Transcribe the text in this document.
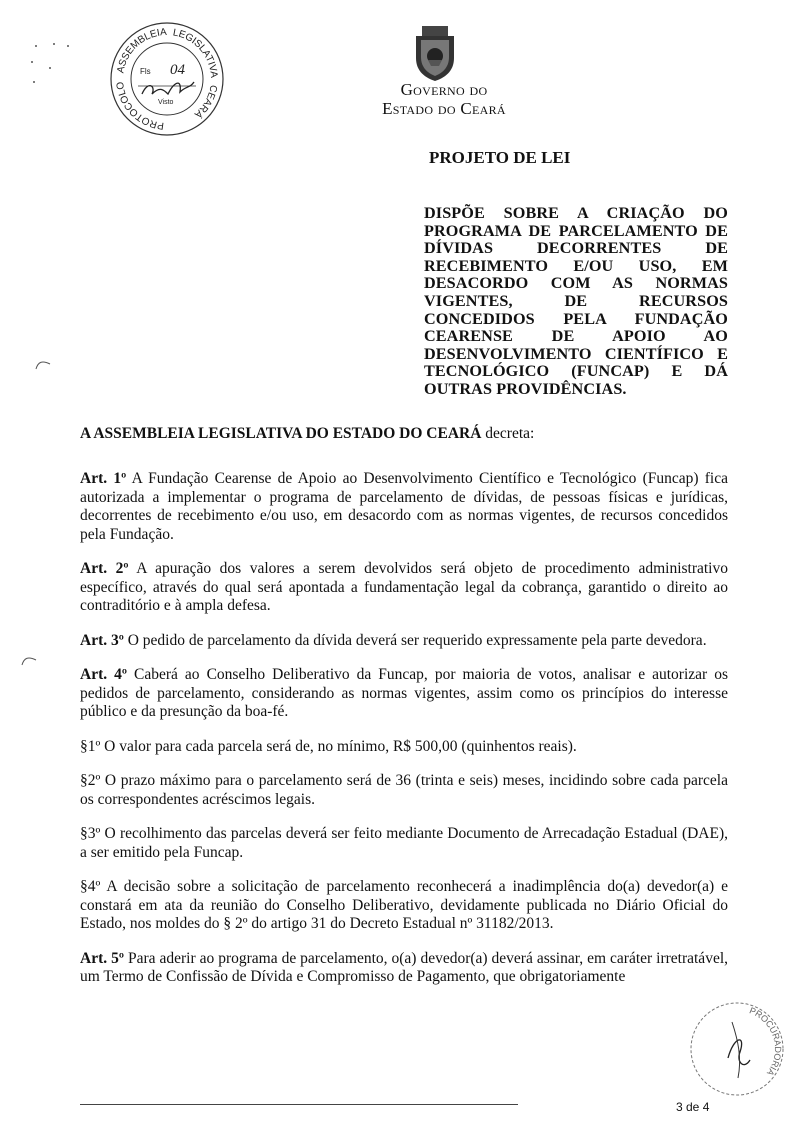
LEGISLATIVA
ASSEMBLEIA
CEARÁ
PROTOCOLO
Fls 04
Visto
Governo do
Estado do Ceará
PROJETO DE LEI
DISPÕE SOBRE A CRIAÇÃO DO PROGRAMA DE PARCELAMENTO DE DÍVIDAS DECORRENTES DE RECEBIMENTO E/OU USO, EM DESACORDO COM AS NORMAS VIGENTES, DE RECURSOS CONCEDIDOS PELA FUNDAÇÃO CEARENSE DE APOIO AO DESENVOLVIMENTO CIENTÍFICO E TECNOLÓGICO (FUNCAP) E DÁ OUTRAS PROVIDÊNCIAS.
A ASSEMBLEIA LEGISLATIVA DO ESTADO DO CEARÁ decreta:

Art. 1º A Fundação Cearense de Apoio ao Desenvolvimento Científico e Tecnológico (Funcap) fica autorizada a implementar o programa de parcelamento de dívidas, de pessoas físicas e jurídicas, decorrentes de recebimento e/ou uso, em desacordo com as normas vigentes, de recursos concedidos pela Fundação.

Art. 2º A apuração dos valores a serem devolvidos será objeto de procedimento administrativo específico, através do qual será apontada a fundamentação legal da cobrança, garantido o direito ao contraditório e à ampla defesa.

Art. 3º O pedido de parcelamento da dívida deverá ser requerido expressamente pela parte devedora.

Art. 4º Caberá ao Conselho Deliberativo da Funcap, por maioria de votos, analisar e autorizar os pedidos de parcelamento, considerando as normas vigentes, assim como os princípios do interesse público e da presunção da boa-fé.

§1º O valor para cada parcela será de, no mínimo, R$ 500,00 (quinhentos reais).

§2º O prazo máximo para o parcelamento será de 36 (trinta e seis) meses, incidindo sobre cada parcela os correspondentes acréscimos legais.

§3º O recolhimento das parcelas deverá ser feito mediante Documento de Arrecadação Estadual (DAE), a ser emitido pela Funcap.

§4º A decisão sobre a solicitação de parcelamento reconhecerá a inadimplência do(a) devedor(a) e constará em ata da reunião do Conselho Deliberativo, devidamente publicada no Diário Oficial do Estado, nos moldes do § 2º do artigo 31 do Decreto Estadual nº 31182/2013.

Art. 5º Para aderir ao programa de parcelamento, o(a) devedor(a) deverá assinar, em caráter irretratável, um Termo de Confissão de Dívida e Compromisso de Pagamento, que obrigatoriamente

PROCURADORIA
3 de 4
